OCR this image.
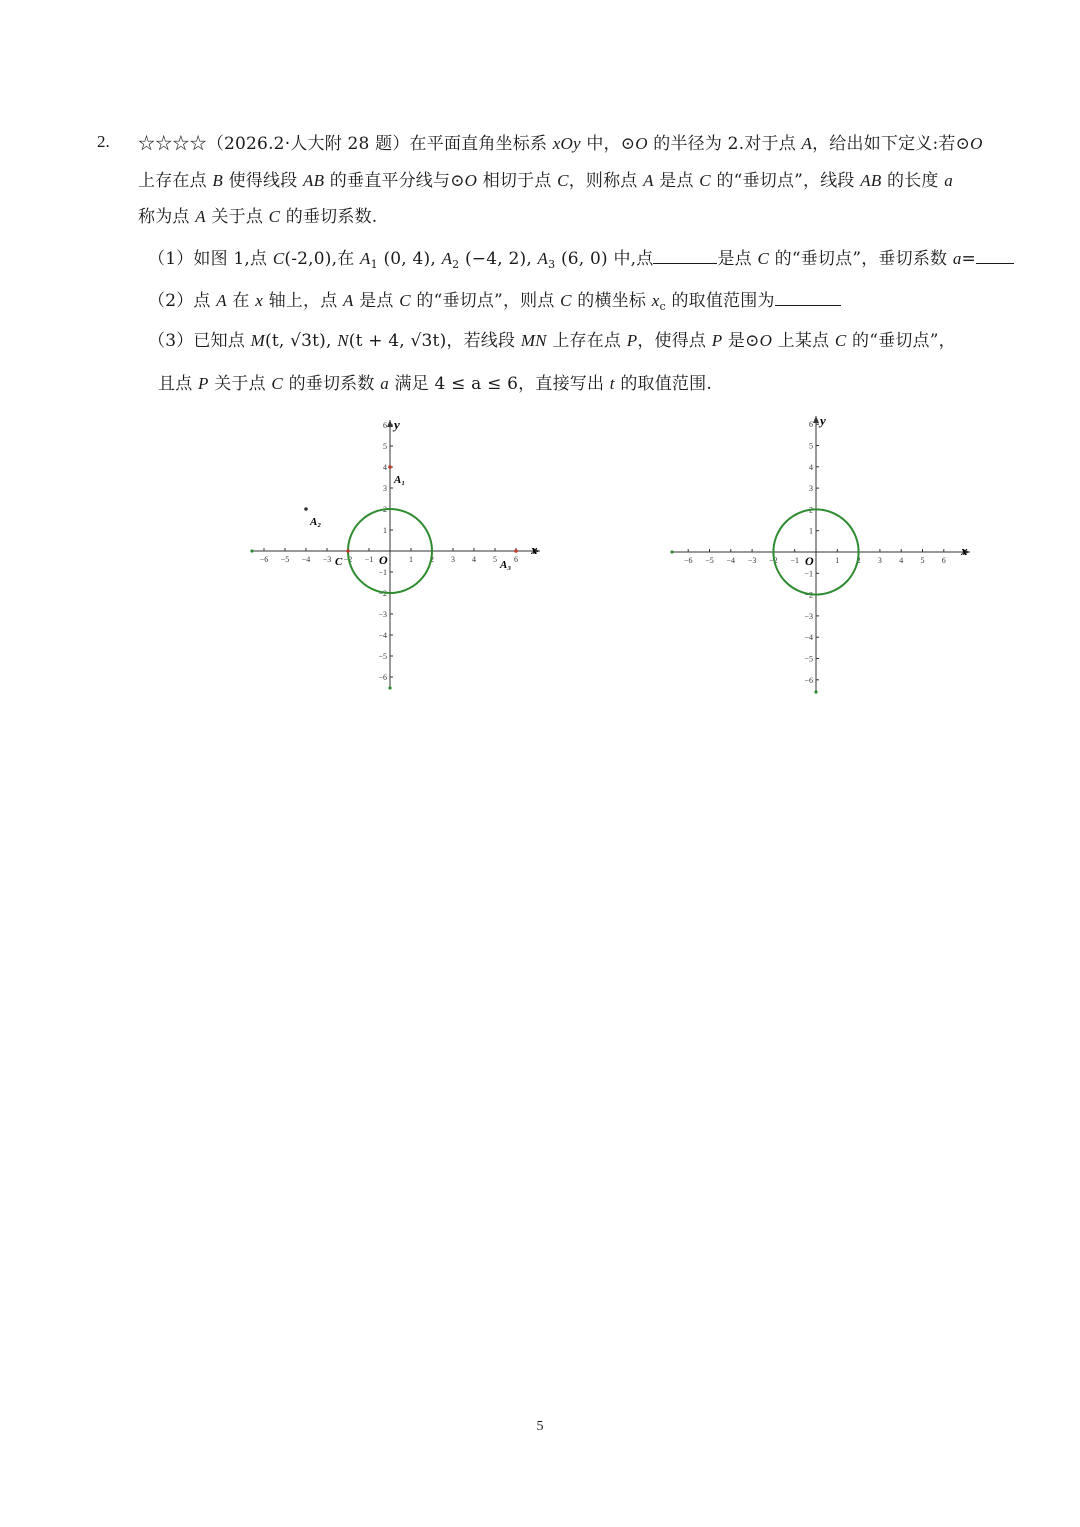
2. ☆☆☆☆（2026.2·人大附 28 题）在平面直角坐标系 xOy 中，⊙O 的半径为 2.对于点 A，给出如下定义:若⊙O
上存在点 B 使得线段 AB 的垂直平分线与⊙O 相切于点 C，则称点 A 是点 C 的“垂切点”，线段 AB 的长度 a
称为点 A 关于点 C 的垂切系数.
（1）如图 1,点 C(-2,0),在 $A_1$ (0, 4), $A_2$ (−4, 2), $A_3$ (6, 0) 中,点	是点 C 的“垂切点”，垂切系数 a=
（2）点 A 在 x 轴上，点 A 是点 C 的“垂切点”，则点 C 的横坐标 $x_c$ 的取值范围为
（3）已知点 M(t, √3t), N(t + 4, √3t)，若线段 MN 上存在点 P，使得点 P 是⊙O 上某点 C 的“垂切点”，
且点 P 关于点 C 的垂切系数 a 满足 4 ≤ a ≤ 6，直接写出 t 的取值范围.
−6 −5 −4 −3 −2 −1	1 2 3 4 5 6
6
5
4
3
2
1
−1
−2
−3
−4
−5
−6
x
y
O
A₁
A₂
A₃
C	−6 −5 −4 −3 −2 −1	1 2 3 4 5 6
6
5
4
3
2
1
−1
−2
−3
−4
−5
−6
x
y
O
5
